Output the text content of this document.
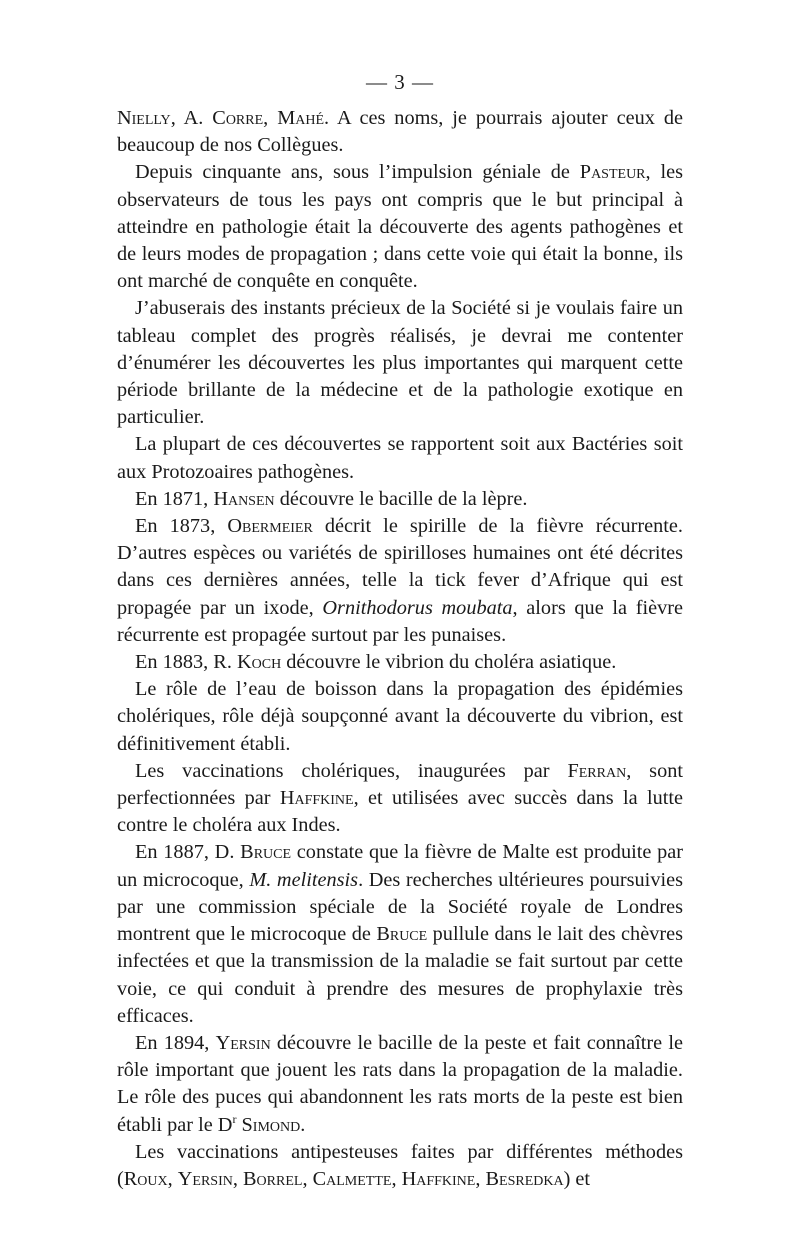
— 3 —

Nielly, A. Corre, Mahé. A ces noms, je pourrais ajouter ceux de beaucoup de nos Collègues.

Depuis cinquante ans, sous l’impulsion géniale de Pasteur, les observateurs de tous les pays ont compris que le but principal à atteindre en pathologie était la découverte des agents pathogènes et de leurs modes de propagation ; dans cette voie qui était la bonne, ils ont marché de conquête en conquête.

J’abuserais des instants précieux de la Société si je voulais faire un tableau complet des progrès réalisés, je devrai me contenter d’énumérer les découvertes les plus importantes qui marquent cette période brillante de la médecine et de la pathologie exotique en particulier.

La plupart de ces découvertes se rapportent soit aux Bactéries soit aux Protozoaires pathogènes.

En 1871, Hansen découvre le bacille de la lèpre.

En 1873, Obermeier décrit le spirille de la fièvre récurrente. D’autres espèces ou variétés de spirilloses humaines ont été décrites dans ces dernières années, telle la tick fever d’Afrique qui est propagée par un ixode, Ornithodorus moubata, alors que la fièvre récurrente est propagée surtout par les punaises.

En 1883, R. Koch découvre le vibrion du choléra asiatique.

Le rôle de l’eau de boisson dans la propagation des épidémies cholériques, rôle déjà soupçonné avant la découverte du vibrion, est définitivement établi.

Les vaccinations cholériques, inaugurées par Ferran, sont perfectionnées par Haffkine, et utilisées avec succès dans la lutte contre le choléra aux Indes.

En 1887, D. Bruce constate que la fièvre de Malte est produite par un microcoque, M. melitensis. Des recherches ultérieures poursuivies par une commission spéciale de la Société royale de Londres montrent que le microcoque de Bruce pullule dans le lait des chèvres infectées et que la transmission de la maladie se fait surtout par cette voie, ce qui conduit à prendre des mesures de prophylaxie très efficaces.

En 1894, Yersin découvre le bacille de la peste et fait connaître le rôle important que jouent les rats dans la propagation de la maladie. Le rôle des puces qui abandonnent les rats morts de la peste est bien établi par le $D^r$ Simond.

Les vaccinations antipesteuses faites par différentes méthodes (Roux, Yersin, Borrel, Calmette, Haffkine, Besredka) et
